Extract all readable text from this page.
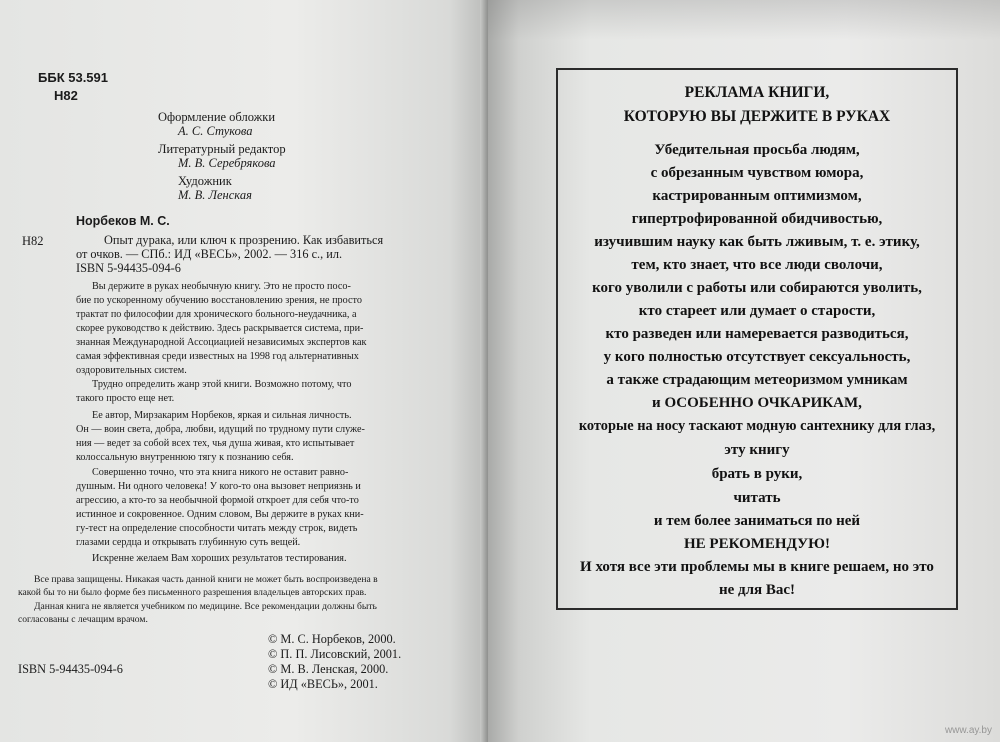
ББК 53.591
Н82
Оформление обложки
А. С. Стукова
Литературный редактор
М. В. Серебрякова
Художник
М. В. Ленская
Норбеков М. С.
Н82	Опыт дурака, или ключ к прозрению. Как избавиться
от очков. — СПб.: ИД «ВЕСЬ», 2002. — 316 с., ил.
ISBN 5-94435-094-6
Вы держите в руках необычную книгу. Это не просто посо-
бие по ускоренному обучению восстановлению зрения, не просто
трактат по философии для хронического больного-неудачника, а
скорее руководство к действию. Здесь раскрывается система, при-
знанная Международной Ассоциацией независимых экспертов как
самая эффективная среди известных на 1998 год альтернативных
оздоровительных систем.
Трудно определить жанр этой книги. Возможно потому, что
такого просто еще нет.
Ее автор, Мирзакарим Норбеков, яркая и сильная личность.
Он — воин света, добра, любви, идущий по трудному пути служе-
ния — ведет за собой всех тех, чья душа живая, кто испытывает
колоссальную внутреннюю тягу к познанию себя.
Совершенно точно, что эта книга никого не оставит равно-
душным. Ни одного человека! У кого-то она вызовет неприязнь и
агрессию, а кто-то за необычной формой откроет для себя что-то
истинное и сокровенное. Одним словом, Вы держите в руках кни-
гу-тест на определение способности читать между строк, видеть
глазами сердца и открывать глубинную суть вещей.
Искренне желаем Вам хороших результатов тестирования.
Все права защищены. Никакая часть данной книги не может быть воспроизведена в
какой бы то ни было форме без письменного разрешения владельцев авторских прав.
Данная книга не является учебником по медицине. Все рекомендации должны быть
согласованы с лечащим врачом.
© М. С. Норбеков, 2000.
© П. П. Лисовский, 2001.
© М. В. Ленская, 2000.
© ИД «ВЕСЬ», 2001.
ISBN 5-94435-094-6
РЕКЛАМА КНИГИ,
КОТОРУЮ ВЫ ДЕРЖИТЕ В РУКАХ
Убедительная просьба людям,
с обрезанным чувством юмора,
кастрированным оптимизмом,
гипертрофированной обидчивостью,
изучившим науку как быть лживым, т. е. этику,
тем, кто знает, что все люди сволочи,
кого уволили с работы или собираются уволить,
кто стареет или думает о старости,
кто разведен или намеревается разводиться,
у кого полностью отсутствует сексуальность,
а также страдающим метеоризмом умникам
и ОСОБЕННО ОЧКАРИКАМ,
которые на носу таскают модную сантехнику для глаз,
эту книгу
брать в руки,
читать
и тем более заниматься по ней
НЕ РЕКОМЕНДУЮ!
И хотя все эти проблемы мы в книге решаем, но это
не для Вас!
www.ay.by
